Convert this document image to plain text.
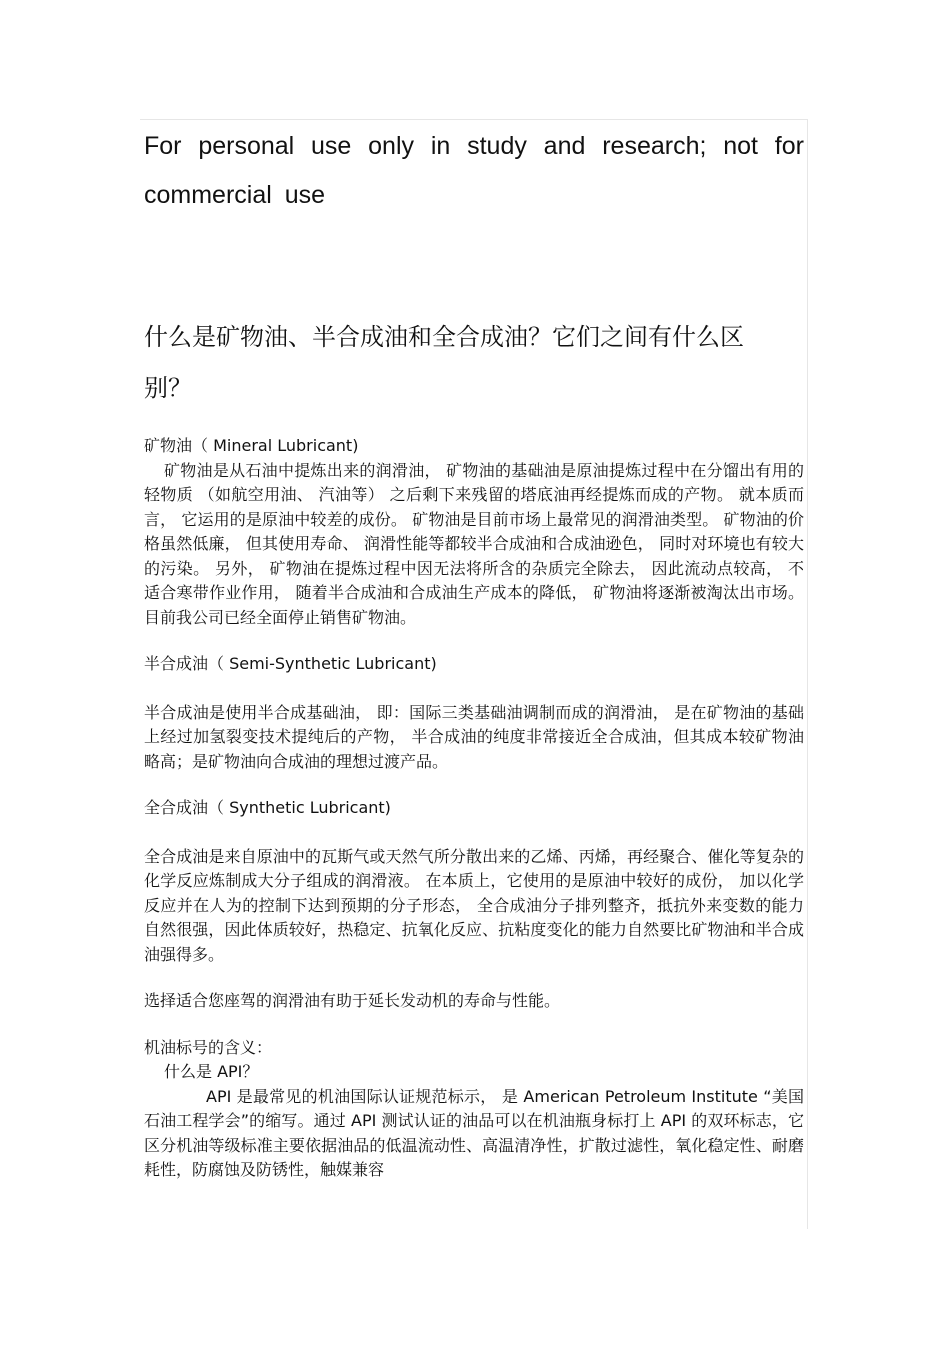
For personal use only in study and research; not for commercial use

什么是矿物油、半合成油和全合成油？它们之间有什么区别？

矿物油（ Mineral Lubricant)

矿物油是从石油中提炼出来的润滑油， 矿物油的基础油是原油提炼过程中在分馏出有用的轻物质 （如航空用油、 汽油等） 之后剩下来残留的塔底油再经提炼而成的产物。 就本质而言， 它运用的是原油中较差的成份。 矿物油是目前市场上最常见的润滑油类型。 矿物油的价格虽然低廉， 但其使用寿命、 润滑性能等都较半合成油和合成油逊色， 同时对环境也有较大的污染。 另外， 矿物油在提炼过程中因无法将所含的杂质完全除去， 因此流动点较高， 不适合寒带作业作用， 随着半合成油和合成油生产成本的降低， 矿物油将逐渐被淘汰出市场。 目前我公司已经全面停止销售矿物油。

半合成油（ Semi-Synthetic Lubricant)

半合成油是使用半合成基础油， 即：国际三类基础油调制而成的润滑油， 是在矿物油的基础上经过加氢裂变技术提纯后的产物， 半合成油的纯度非常接近全合成油，但其成本较矿物油略高；是矿物油向合成油的理想过渡产品。

全合成油（ Synthetic Lubricant)

全合成油是来自原油中的瓦斯气或天然气所分散出来的乙烯、丙烯，再经聚合、催化等复杂的化学反应炼制成大分子组成的润滑液。 在本质上，它使用的是原油中较好的成份， 加以化学反应并在人为的控制下达到预期的分子形态， 全合成油分子排列整齐，抵抗外来变数的能力自然很强，因此体质较好，热稳定、抗氧化反应、抗粘度变化的能力自然要比矿物油和半合成油强得多。

选择适合您座驾的润滑油有助于延长发动机的寿命与性能。

机油标号的含义：

什么是 API？

API 是最常见的机油国际认证规范标示， 是 American Petroleum Institute “美国石油工程学会”的缩写。通过 API 测试认证的油品可以在机油瓶身标打上 API 的双环标志，它区分机油等级标准主要依据油品的低温流动性、高温清净性，扩散过滤性，氧化稳定性、耐磨耗性，防腐蚀及防锈性，触媒兼容
